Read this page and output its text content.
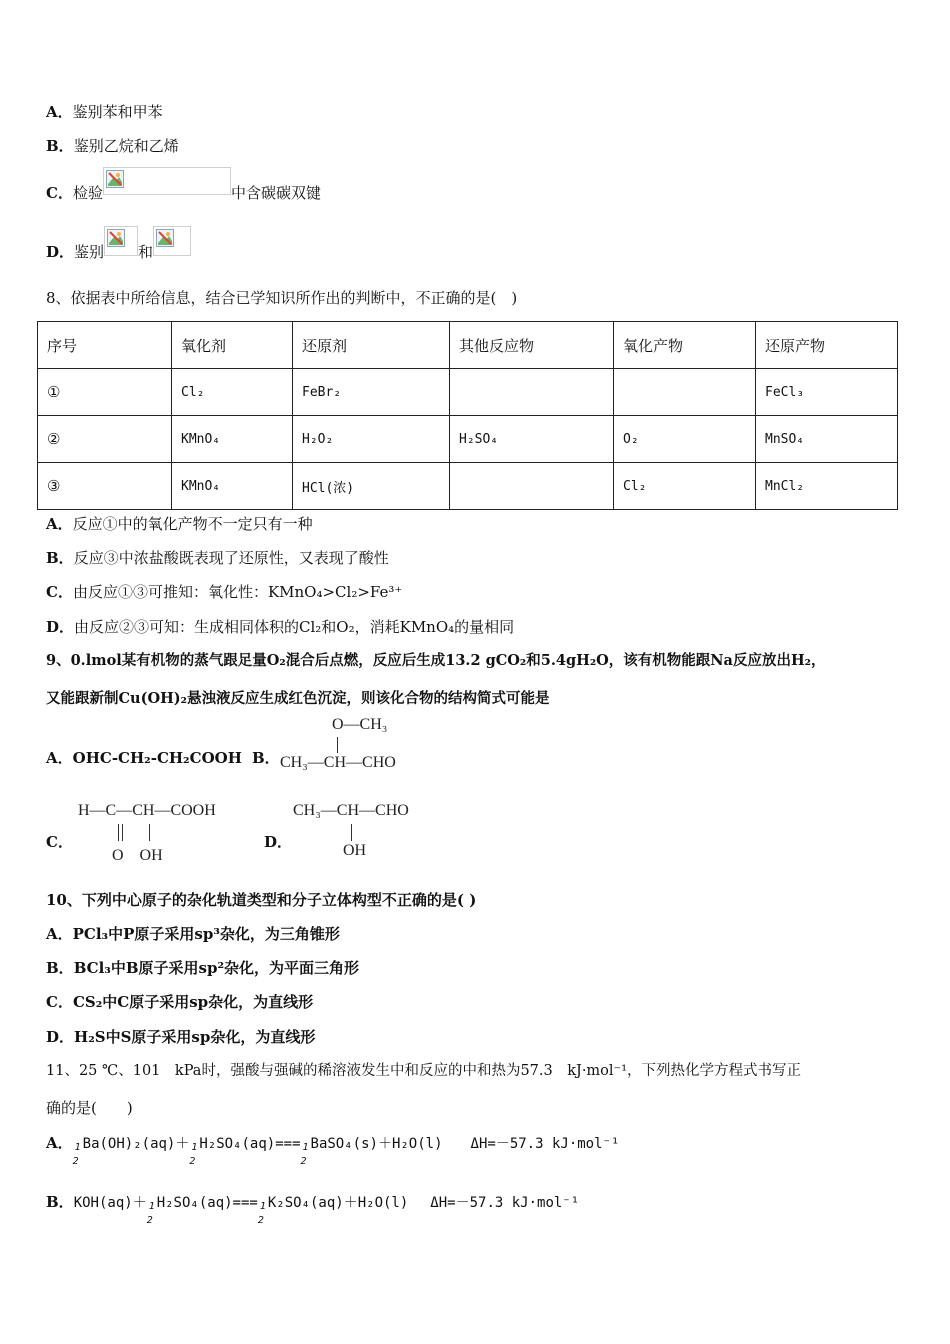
A．鉴别苯和甲苯
B．鉴别乙烷和乙烯
C．检验	中含碳碳双键
D．鉴别 和
8、依据表中所给信息，结合已学知识所作出的判断中，不正确的是(　)
序号	氧化剂	还原剂	其他反应物	氧化产物	还原产物
①	Cl₂	FeBr₂			FeCl₃
②	KMnO₄	H₂O₂	H₂SO₄	O₂	MnSO₄
③	KMnO₄	HCl(浓)		Cl₂	MnCl₂
A．反应①中的氧化产物不一定只有一种
B．反应③中浓盐酸既表现了还原性，又表现了酸性
C．由反应①③可推知：氧化性：KMnO₄>Cl₂>Fe³⁺
D．由反应②③可知：生成相同体积的Cl₂和O₂，消耗KMnO₄的量相同
9、0.lmol某有机物的蒸气跟足量O₂混合后点燃，反应后生成13.2 gCO₂和5.4gH₂O，该有机物能跟Na反应放出H₂，
又能跟新制Cu(OH)₂悬浊液反应生成红色沉淀，则该化合物的结构简式可能是
A．OHC-CH₂-CH₂COOH B．
O—CH₃
CH₃—CH—CHO
C．
H—C—CH—COOH
O　OH
D．
CH₃—CH—CHO
OH
10、下列中心原子的杂化轨道类型和分子立体构型不正确的是( )
A．PCl₃中P原子采用sp³杂化，为三角锥形
B．BCl₃中B原子采用sp²杂化，为平面三角形
C．CS₂中C原子采用sp杂化，为直线形
D．H₂S中S原子采用sp杂化，为直线形
11、25 ℃、101　kPa时，强酸与强碱的稀溶液发生中和反应的中和热为57.3　kJ·mol⁻¹，下列热化学方程式书写正
确的是(　　)
A． 1
2
Ba(OH)₂(aq)＋ 1
2
H₂SO₄(aq)=== 1
2
BaSO₄(s)＋H₂O(l) ΔH=－57.3 kJ·mol⁻¹
B．KOH(aq)＋ 1
2
H₂SO₄(aq)=== 1
2
K₂SO₄(aq)＋H₂O(l) ΔH=－57.3 kJ·mol⁻¹
